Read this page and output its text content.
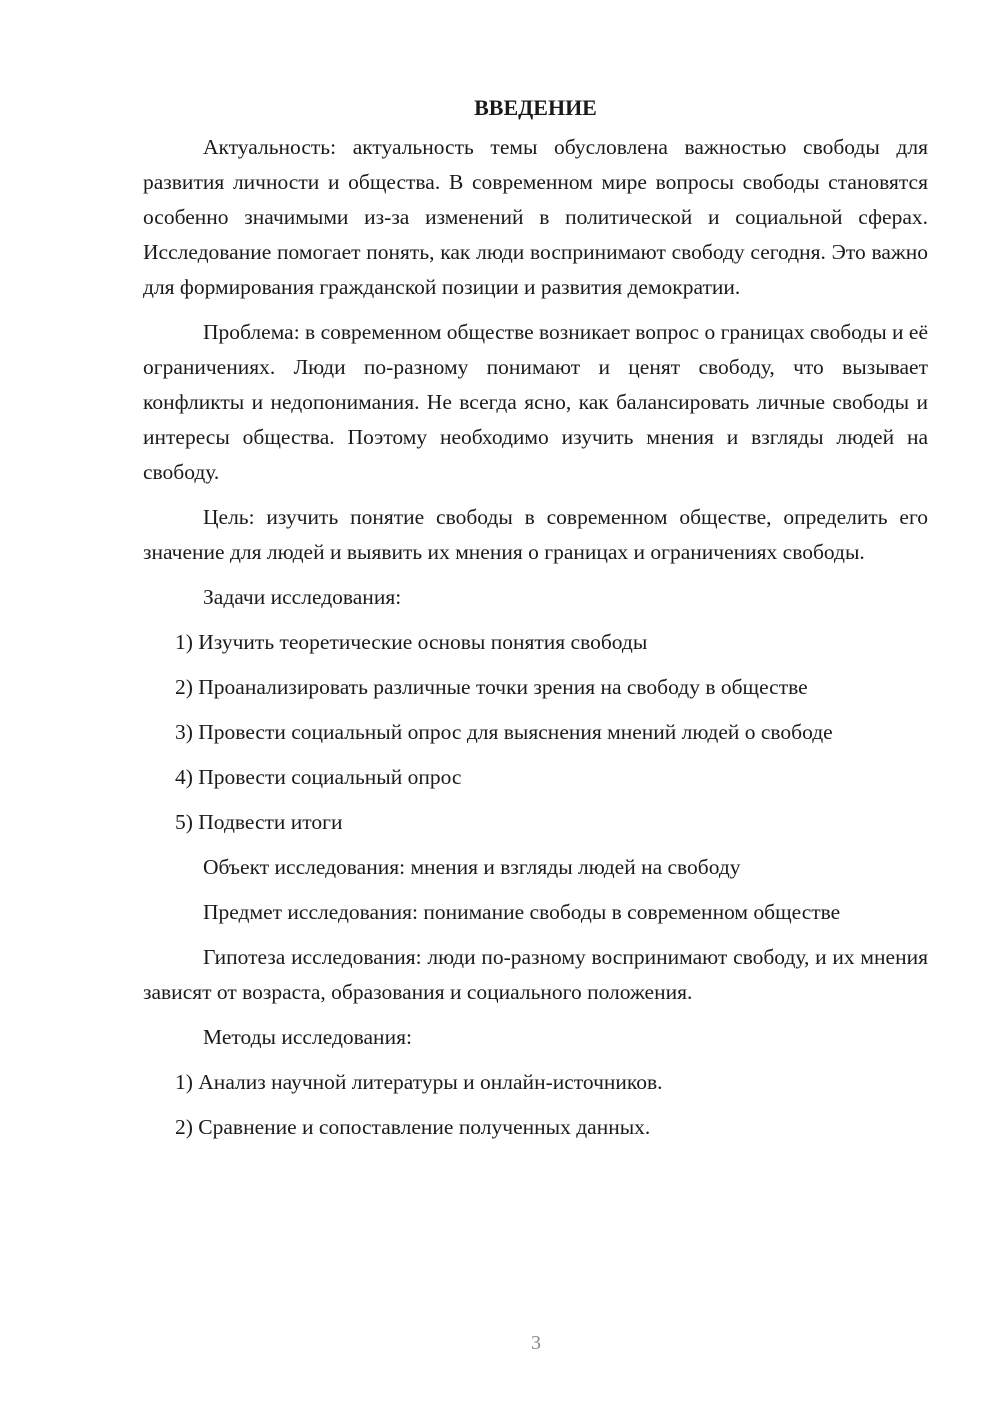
ВВЕДЕНИЕ

Актуальность: актуальность темы обусловлена важностью свободы для развития личности и общества. В современном мире вопросы свободы становятся особенно значимыми из-за изменений в политической и социальной сферах. Исследование помогает понять, как люди воспринимают свободу сегодня. Это важно для формирования гражданской позиции и развития демократии.

Проблема: в современном обществе возникает вопрос о границах свободы и её ограничениях. Люди по-разному понимают и ценят свободу, что вызывает конфликты и недопонимания. Не всегда ясно, как балансировать личные свободы и интересы общества. Поэтому необходимо изучить мнения и взгляды людей на свободу.

Цель: изучить понятие свободы в современном обществе, определить его значение для людей и выявить их мнения о границах и ограничениях свободы.

Задачи исследования:

1) Изучить теоретические основы понятия свободы

2) Проанализировать различные точки зрения на свободу в обществе

3) Провести социальный опрос для выяснения мнений людей о свободе

4) Провести социальный опрос

5) Подвести итоги

Объект исследования: мнения и взгляды людей на свободу

Предмет исследования: понимание свободы в современном обществе

Гипотеза исследования: люди по-разному воспринимают свободу, и их мнения зависят от возраста, образования и социального положения.

Методы исследования:

1) Анализ научной литературы и онлайн-источников.

2) Сравнение и сопоставление полученных данных.

3
